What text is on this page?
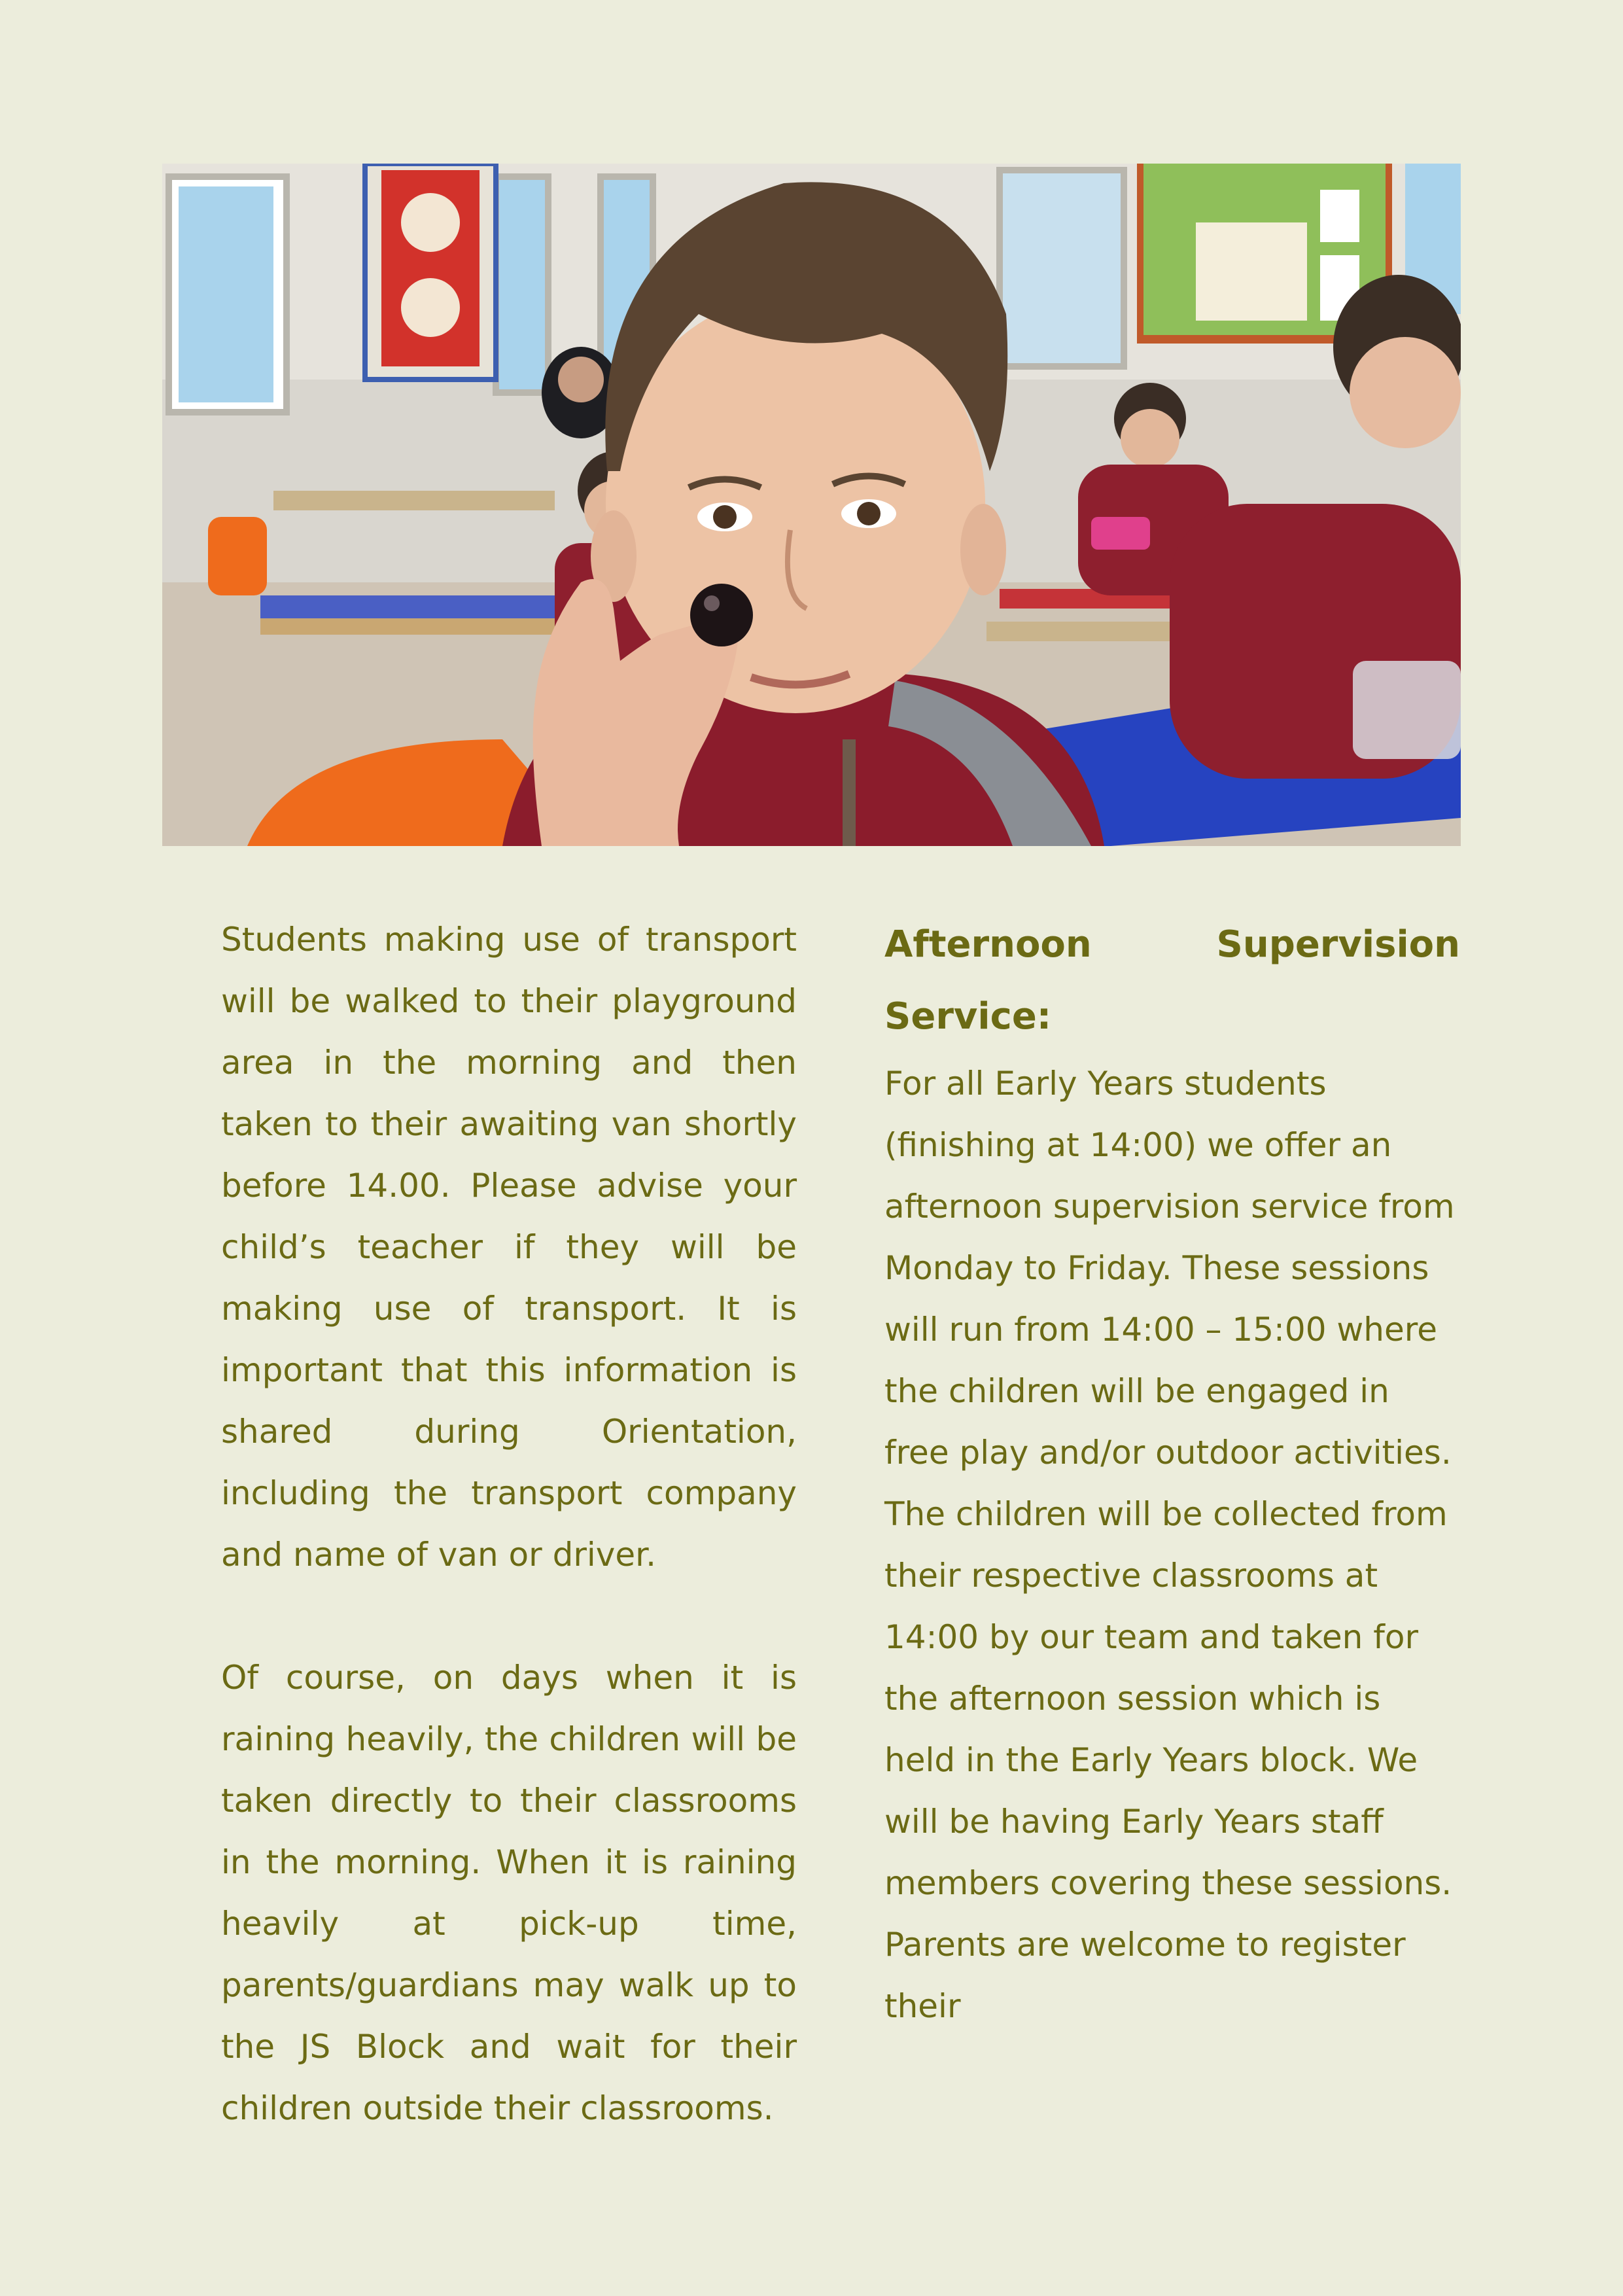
Students making use of transport will be walked to their playground area in the morning and then taken to their awaiting van shortly before 14.00. Please advise your child’s teacher if they will be making use of transport. It is important that this information is shared during Orientation, including the transport company and name of van or driver.

Of course, on days when it is raining heavily, the children will be taken directly to their classrooms in the morning. When it is raining heavily at pick-up time, parents/guardians may walk up to the JS Block and wait for their children outside their classrooms.

Afternoon Supervision Service:

For all Early Years students (finishing at 14:00) we offer an afternoon supervision service from Monday to Friday. These sessions will run from 14:00 – 15:00 where the children will be engaged in free play and/or outdoor activities. The children will be collected from their respective classrooms at 14:00 by our team and taken for the afternoon session which is held in the Early Years block. We will be having Early Years staff members covering these sessions. Parents are welcome to register their
